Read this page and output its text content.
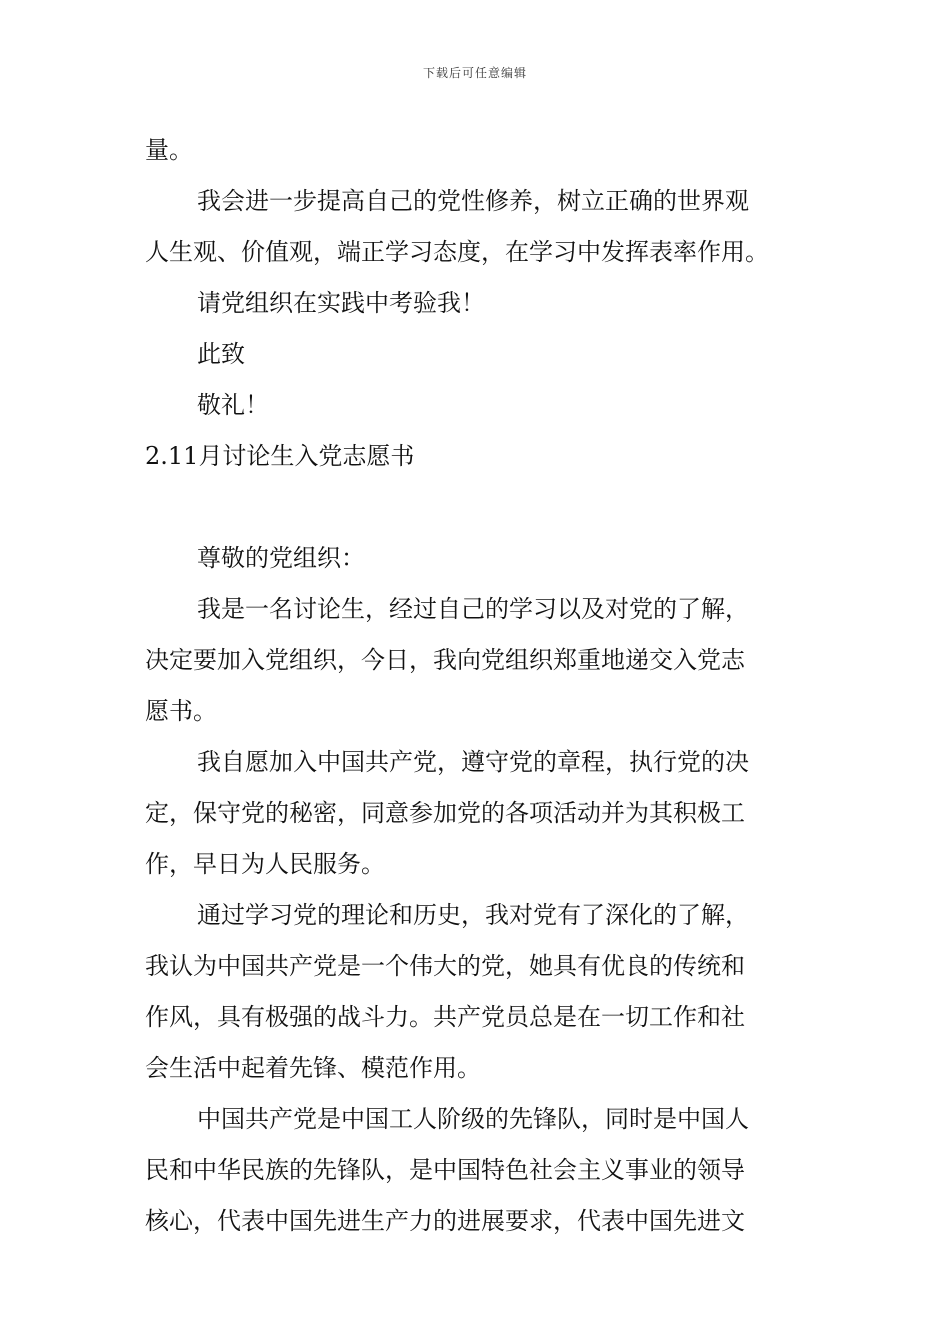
下载后可任意编辑
量。
我会进一步提高自己的党性修养，树立正确的世界观
人生观、价值观，端正学习态度，在学习中发挥表率作用。
请党组织在实践中考验我！
此致
敬礼！
2.11月讨论生入党志愿书
尊敬的党组织：
我是一名讨论生，经过自己的学习以及对党的了解，
决定要加入党组织，今日，我向党组织郑重地递交入党志
愿书。
我自愿加入中国共产党，遵守党的章程，执行党的决
定，保守党的秘密，同意参加党的各项活动并为其积极工
作，早日为人民服务。
通过学习党的理论和历史，我对党有了深化的了解，
我认为中国共产党是一个伟大的党，她具有优良的传统和
作风，具有极强的战斗力。共产党员总是在一切工作和社
会生活中起着先锋、模范作用。
中国共产党是中国工人阶级的先锋队，同时是中国人
民和中华民族的先锋队，是中国特色社会主义事业的领导
核心，代表中国先进生产力的进展要求，代表中国先进文
